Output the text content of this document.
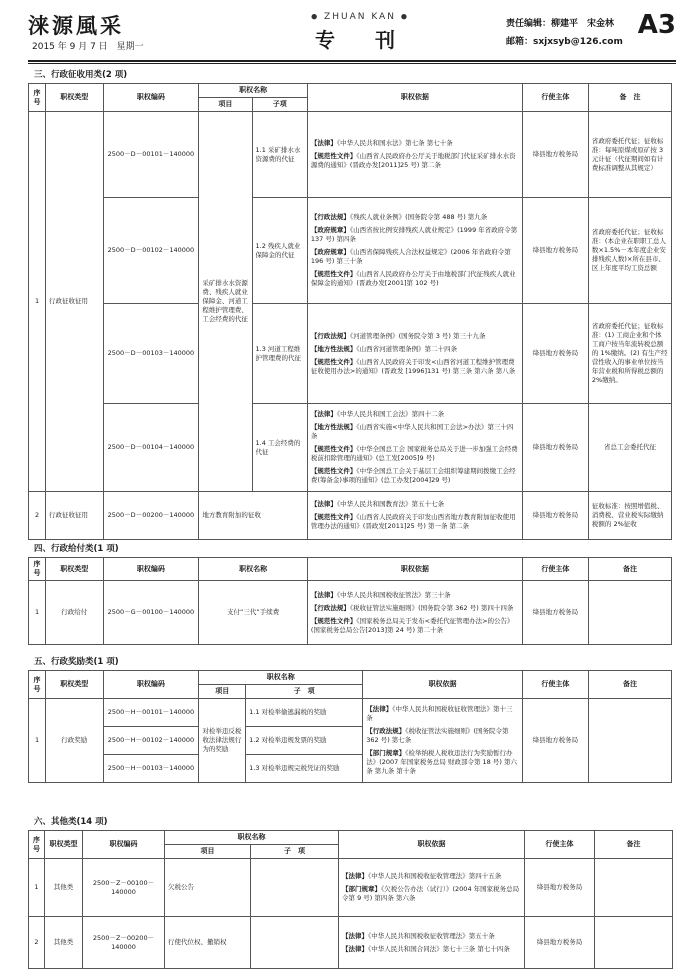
涞源風采
2015 年 9 月 7 日　星期一
● ZHUAN KAN ●
专　刊
责任编辑：柳建平　宋金林
邮箱：sxjxsyb@126.com
A3
三、行政征收用类(2 项)
序号	职权类型	职权编码	职权名称		职权依据	行使主体	备　注
			项目	子项			
1	行政征收征用	2500－D－00101－140000	采矿排水水资源费、残疾人就业保障金、河道工程维护管理费、工会经费的代征	1.1 采矿排水水资源费的代征	【法律】《中华人民共和国水法》第七条 第七十条

【规范性文件】《山西省人民政府办公厅关于地税部门代征采矿排水水资源费的通知》(晋政办发[2011]25 号) 第二条	绛县地方税务局	省政府委托代征；征收标准：每吨原煤或原矿按 3 元计征（代征期间如有计费标准调整从其规定）
		2500－D－00102－140000		1.2 残疾人就业保障金的代征	【行政法规】《残疾人就业条例》(国务院令第 488 号) 第九条

【政府规章】《山西省按比例安排残疾人就业规定》(1999 年省政府令第 137 号) 第四条

【政府规章】《山西省保障残疾人合法权益规定》(2006 年省政府令第 196 号) 第三十条

【规范性文件】《山西省人民政府办公厅关于由地税部门代征残疾人就业保障金的通知》(晋政办发[2001]第 102 号)	绛县地方税务局	省政府委托代征；征收标准：(本企业在职职工总人数×1.5%－本年度企业安排残疾人数)×所在县市、区上年度平均工资总额
		2500－D－00103－140000		1.3 河道工程维护管理费的代征	【行政法规】《河道管理条例》(国务院令第 3 号) 第三十九条

【地方性法规】《山西省河道管理条例》第二十四条

【规范性文件】《山西省人民政府关于印发<山西省河道工程维护管理费征收使用办法>的通知》(晋政发 [1996]131 号) 第三条 第六条 第八条	绛县地方税务局	省政府委托代征；征收标准：(1) 工商企业和个体工商户按当年流转税总额的 1%缴纳。(2) 有生产经营性收入的事业单位按当年营业税和所得税总额的 2%缴纳。
		2500－D－00104－140000		1.4 工会经费的代征	【法律】《中华人民共和国工会法》第四十二条

【地方性法规】《山西省实施<中华人民共和国工会法>办法》第三十四条

【规范性文件】《中华全国总工会 国家税务总局关于进一步加强工会经费税前扣除管理的通知》(总工发[2005]9 号)

【规范性文件】《中华全国总工会关于基层工会组织筹建期间拨缴工会经费(筹备金)事项的通知》(总工办发[2004]29 号)	绛县地方税务局	省总工会委托代征
2	行政征收征用	2500－D－00200－140000	地方教育附加的征收		【法律】《中华人民共和国教育法》第五十七条

【规范性文件】《山西省人民政府关于印发山西省地方教育附加征收使用管理办法的通知》(晋政发[2011]25 号) 第一条 第二条	绛县地方税务局	征收标准：按照增值税、消费税、营业税实际缴纳税额的 2%征收
四、行政给付类(1 项)
序号	职权类型	职权编码	职权名称	职权依据	行使主体	备注
1	行政给付	2500－G－00100－140000	支付“三代”手续费	【法律】《中华人民共和国税收征管法》第三十条

【行政法规】《税收征管法实施细则》(国务院令第 362 号) 第四十四条

【规范性文件】《国家税务总局关于发布<委托代征管理办法>的公告》(国家税务总局公告[2013]第 24 号) 第二十条	绛县地方税务局	
五、行政奖励类(1 项)
序号	职权类型	职权编码	职权名称		职权依据	行使主体	备注
			项目	子　项			
1	行政奖励	2500－H－00101－140000	对检举违反税收法律法规行为的奖励	1.1 对检举偷逃漏税的奖励	【法律】《中华人民共和国税收征收管理法》第十三条

【行政法规】《税收征管法实施细则》(国务院令第 362 号) 第七条

【部门规章】《检举纳税人税收违法行为奖励暂行办法》(2007 年国家税务总局 财政部令第 18 号) 第六条 第九条 第十条	绛县地方税务局	
		2500－H－00102－140000		1.2 对检举违规发票的奖励			
		2500－H－00103－140000		1.3 对检举违规完税凭证的奖励			
六、其他类(14 项)
序号	职权类型	职权编码	职权名称		职权依据	行使主体	备注
			项目	子　项			
1	其他类	2500－Z－00100－140000	欠税公告		【法律】《中华人民共和国税收征收管理法》第四十五条

【部门规章】《欠税公告办法（试行）》(2004 年国家税务总局令第 9 号) 第四条 第六条	绛县地方税务局	
2	其他类	2500－Z－00200－140000	行使代位权、撤销权		【法律】《中华人民共和国税收征收管理法》第五十条

【法律】《中华人民共和国合同法》第七十三条 第七十四条	绛县地方税务局	
